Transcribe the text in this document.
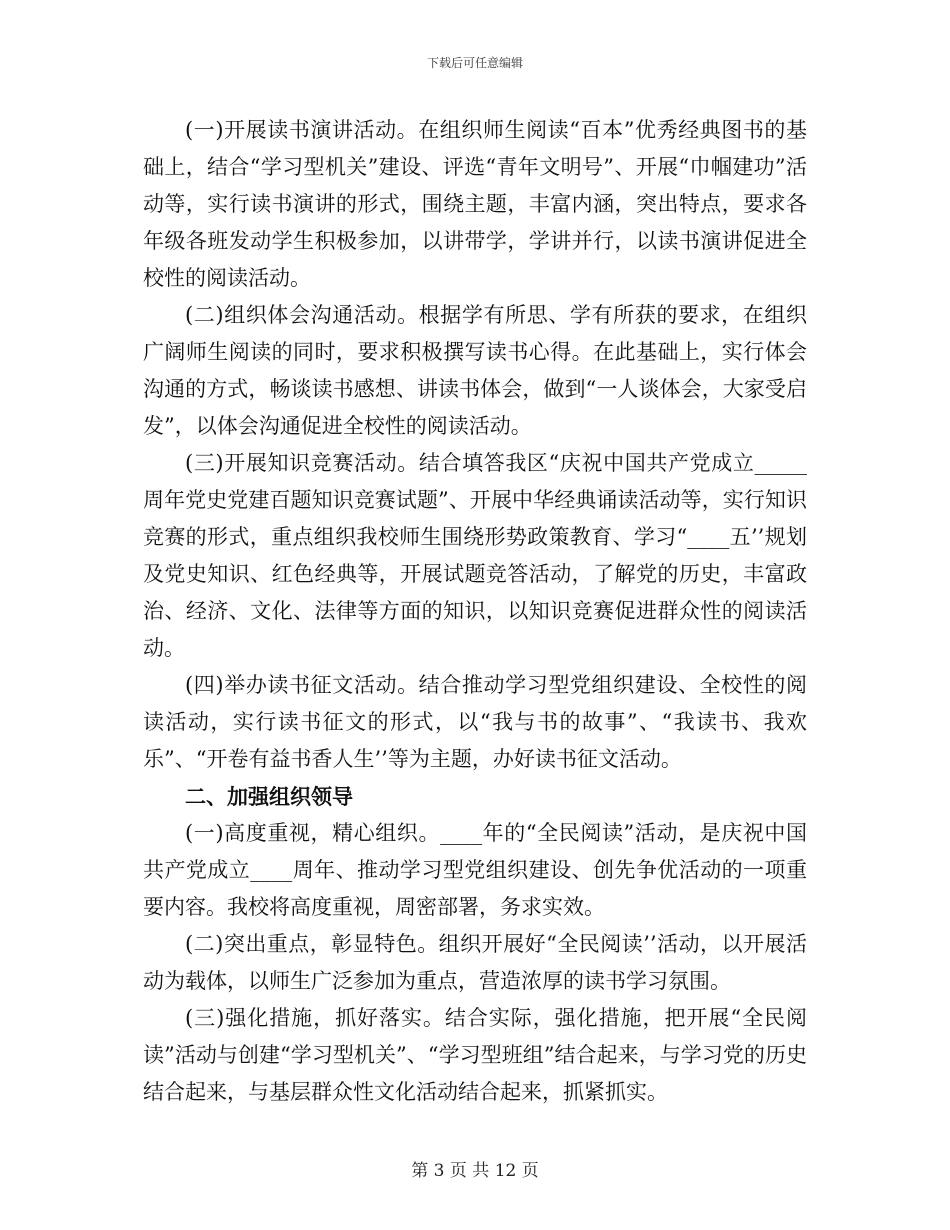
下载后可任意编辑

(一)开展读书演讲活动。在组织师生阅读“百本”优秀经典图书的基础上，结合“学习型机关”建设、评选“青年文明号”、开展“巾帼建功”活动等，实行读书演讲的形式，围绕主题，丰富内涵，突出特点，要求各年级各班发动学生积极参加，以讲带学，学讲并行，以读书演讲促进全校性的阅读活动。

(二)组织体会沟通活动。根据学有所思、学有所获的要求，在组织广阔师生阅读的同时，要求积极撰写读书心得。在此基础上，实行体会沟通的方式，畅谈读书感想、讲读书体会，做到“一人谈体会，大家受启发”，以体会沟通促进全校性的阅读活动。

(三)开展知识竞赛活动。结合填答我区“庆祝中国共产党成立_____周年党史党建百题知识竞赛试题”、开展中华经典诵读活动等，实行知识竞赛的形式，重点组织我校师生围绕形势政策教育、学习“____五’’规划及党史知识、红色经典等，开展试题竞答活动，了解党的历史，丰富政治、经济、文化、法律等方面的知识，以知识竞赛促进群众性的阅读活动。

(四)举办读书征文活动。结合推动学习型党组织建设、全校性的阅读活动，实行读书征文的形式，以“我与书的故事”、“我读书、我欢乐”、“开卷有益书香人生’’等为主题，办好读书征文活动。

二、加强组织领导

(一)高度重视，精心组织。____年的“全民阅读”活动，是庆祝中国共产党成立____周年、推动学习型党组织建设、创先争优活动的一项重要内容。我校将高度重视，周密部署，务求实效。

(二)突出重点，彰显特色。组织开展好“全民阅读’’活动，以开展活动为载体，以师生广泛参加为重点，营造浓厚的读书学习氛围。

(三)强化措施，抓好落实。结合实际，强化措施，把开展“全民阅读”活动与创建“学习型机关”、“学习型班组”结合起来，与学习党的历史结合起来，与基层群众性文化活动结合起来，抓紧抓实。

第 3 页 共 12 页
